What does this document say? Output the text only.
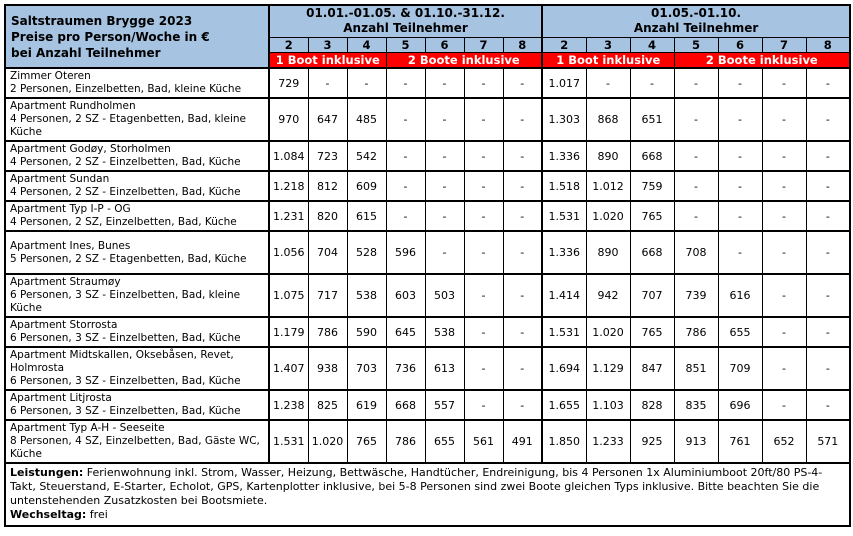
Saltstraumen Brygge 2023
Preise pro Person/Woche in €
bei Anzahl Teilnehmer

01.01.-01.05. & 01.10.-31.12.
Anzahl Teilnehmer

01.05.-01.10.
Anzahl Teilnehmer

	2	3	4	5	6	7	8	2	3	4	5	6	7	8
	1 Boot inklusive			2 Boote inklusive				1 Boot inklusive			2 Boote inklusive			

Zimmer Oteren
2 Personen, Einzelbetten, Bad, kleine Küche	729	-	-	-	-	-	-	1.017	-	-	-	-	-	-

Apartment Rundholmen
4 Personen, 2 SZ - Etagenbetten, Bad, kleine Küche	970	647	485	-	-	-	-	1.303	868	651	-	-	-	-

Apartment Godøy, Storholmen
4 Personen, 2 SZ - Einzelbetten, Bad, Küche	1.084	723	542	-	-	-	-	1.336	890	668	-	-	-	-

Apartment Sundan
4 Personen, 2 SZ - Einzelbetten, Bad, Küche	1.218	812	609	-	-	-	-	1.518	1.012	759	-	-	-	-

Apartment Typ I-P - OG
4 Personen, 2 SZ, Einzelbetten, Bad, Küche	1.231	820	615	-	-	-	-	1.531	1.020	765	-	-	-	-

Apartment Ines, Bunes
5 Personen, 2 SZ - Etagenbetten, Bad, Küche	1.056	704	528	596	-	-	-	1.336	890	668	708	-	-	-

Apartment Straumøy
6 Personen, 3 SZ - Einzelbetten, Bad, kleine Küche	1.075	717	538	603	503	-	-	1.414	942	707	739	616	-	-

Apartment Storrosta
6 Personen, 3 SZ - Einzelbetten, Bad, Küche	1.179	786	590	645	538	-	-	1.531	1.020	765	786	655	-	-

Apartment Midtskallen, Oksebåsen, Revet, Holmrosta
6 Personen, 3 SZ - Einzelbetten, Bad, Küche	1.407	938	703	736	613	-	-	1.694	1.129	847	851	709	-	-

Apartment Litjrosta
6 Personen, 3 SZ - Einzelbetten, Bad, Küche	1.238	825	619	668	557	-	-	1.655	1.103	828	835	696	-	-

Apartment Typ A-H - Seeseite
8 Personen, 4 SZ, Einzelbetten, Bad, Gäste WC, Küche	1.531	1.020	765	786	655	561	491	1.850	1.233	925	913	761	652	571

Leistungen: Ferienwohnung inkl. Strom, Wasser, Heizung, Bettwäsche, Handtücher, Endreinigung, bis 4 Personen 1x Aluminiumboot 20ft/80 PS-4-Takt, Steuerstand, E-Starter, Echolot, GPS, Kartenplotter inklusive, bei 5-8 Personen sind zwei Boote gleichen Typs inklusive. Bitte beachten Sie die untenstehenden Zusatzkosten bei Bootsmiete.
Wechseltag: frei														
